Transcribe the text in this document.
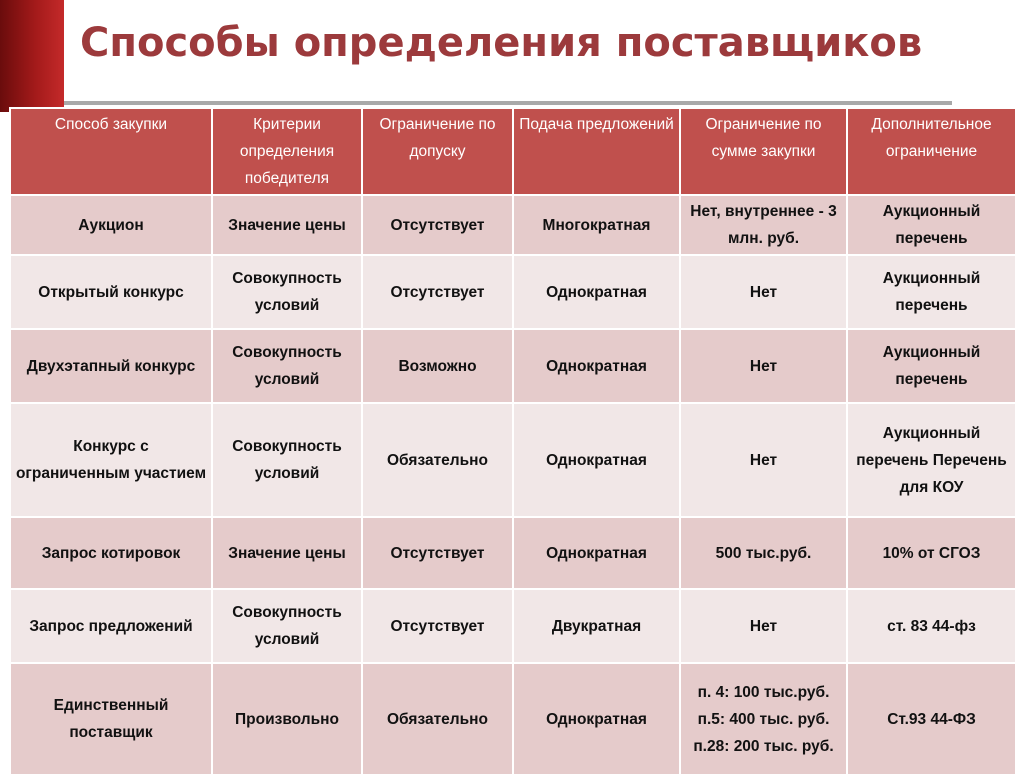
Способы определения поставщиков
Способ закупки	Критерии определения победителя	Ограничение по допуску	Подача предложений	Ограничение по сумме закупки	Дополнительное ограничение
Аукцион	Значение цены	Отсутствует	Многократная	Нет, внутреннее - 3 млн. руб.	Аукционный перечень
Открытый конкурс	Совокупность условий	Отсутствует	Однократная	Нет	Аукционный перечень
Двухэтапный конкурс	Совокупность условий	Возможно	Однократная	Нет	Аукционный перечень
Конкурс с ограниченным участием	Совокупность условий	Обязательно	Однократная	Нет	Аукционный перечень Перечень для КОУ
Запрос котировок	Значение цены	Отсутствует	Однократная	500 тыс.руб.	10% от СГОЗ
Запрос предложений	Совокупность условий	Отсутствует	Двукратная	Нет	ст. 83 44-фз
Единственный поставщик	Произвольно	Обязательно	Однократная	п. 4: 100 тыс.руб. п.5: 400 тыс. руб. п.28: 200 тыс. руб.	Ст.93 44-ФЗ
